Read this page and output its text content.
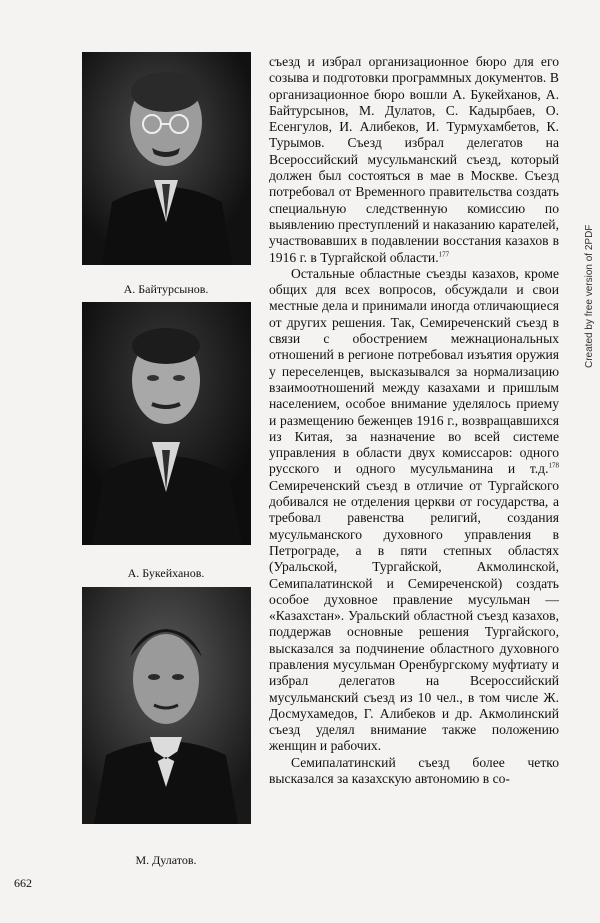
А. Байтурсынов.
А. Букейханов.
М. Дулатов.

съезд и избрал организационное бюро для его созыва и подготовки программных документов. В организационное бюро вошли А. Букейханов, А. Байтурсынов, М. Дулатов, С. Кадырбаев, О. Есенгулов, И. Алибеков, И. Турмухамбетов, К. Турымов. Съезд избрал делегатов на Всероссийский мусульманский съезд, который должен был состояться в мае в Москве. Съезд потребовал от Временного правительства создать специальную следственную комиссию по выявлению преступлений и наказанию карателей, участвовавших в подавлении восстания казахов в 1916 г. в Тургайской области.$^{177}$

Остальные областные съезды казахов, кроме общих для всех вопросов, обсуждали и свои местные дела и принимали иногда отличающиеся от других решения. Так, Семиреченский съезд в связи с обострением межнациональных отношений в регионе потребовал изъятия оружия у переселенцев, высказывался за нормализацию взаимоотношений между казахами и пришлым населением, особое внимание уделялось приему и размещению беженцев 1916 г., возвращавшихся из Китая, за назначение во всей системе управления в области двух комиссаров: одного русского и одного мусульманина и т.д.$^{178}$ Семиреченский съезд в отличие от Тургайского добивался не отделения церкви от государства, а требовал равенства религий, создания мусульманского духовного управления в Петрограде, а в пяти степных областях (Уральской, Тургайской, Акмолинской, Семипалатинской и Семиреченской) создать особое духовное правление мусульман — «Казахстан». Уральский областной съезд казахов, поддержав основные решения Тургайского, высказался за подчинение областного духовного правления мусульман Оренбургскому муфтиату и избрал делегатов на Всероссийский мусульманский съезд из 10 чел., в том числе Ж. Досмухамедов, Г. Алибеков и др. Акмолинский съезд уделял внимание также положению женщин и рабочих.

Семипалатинский съезд более четко высказался за казахскую автономию в со-

662
Created by free version of 2PDF
